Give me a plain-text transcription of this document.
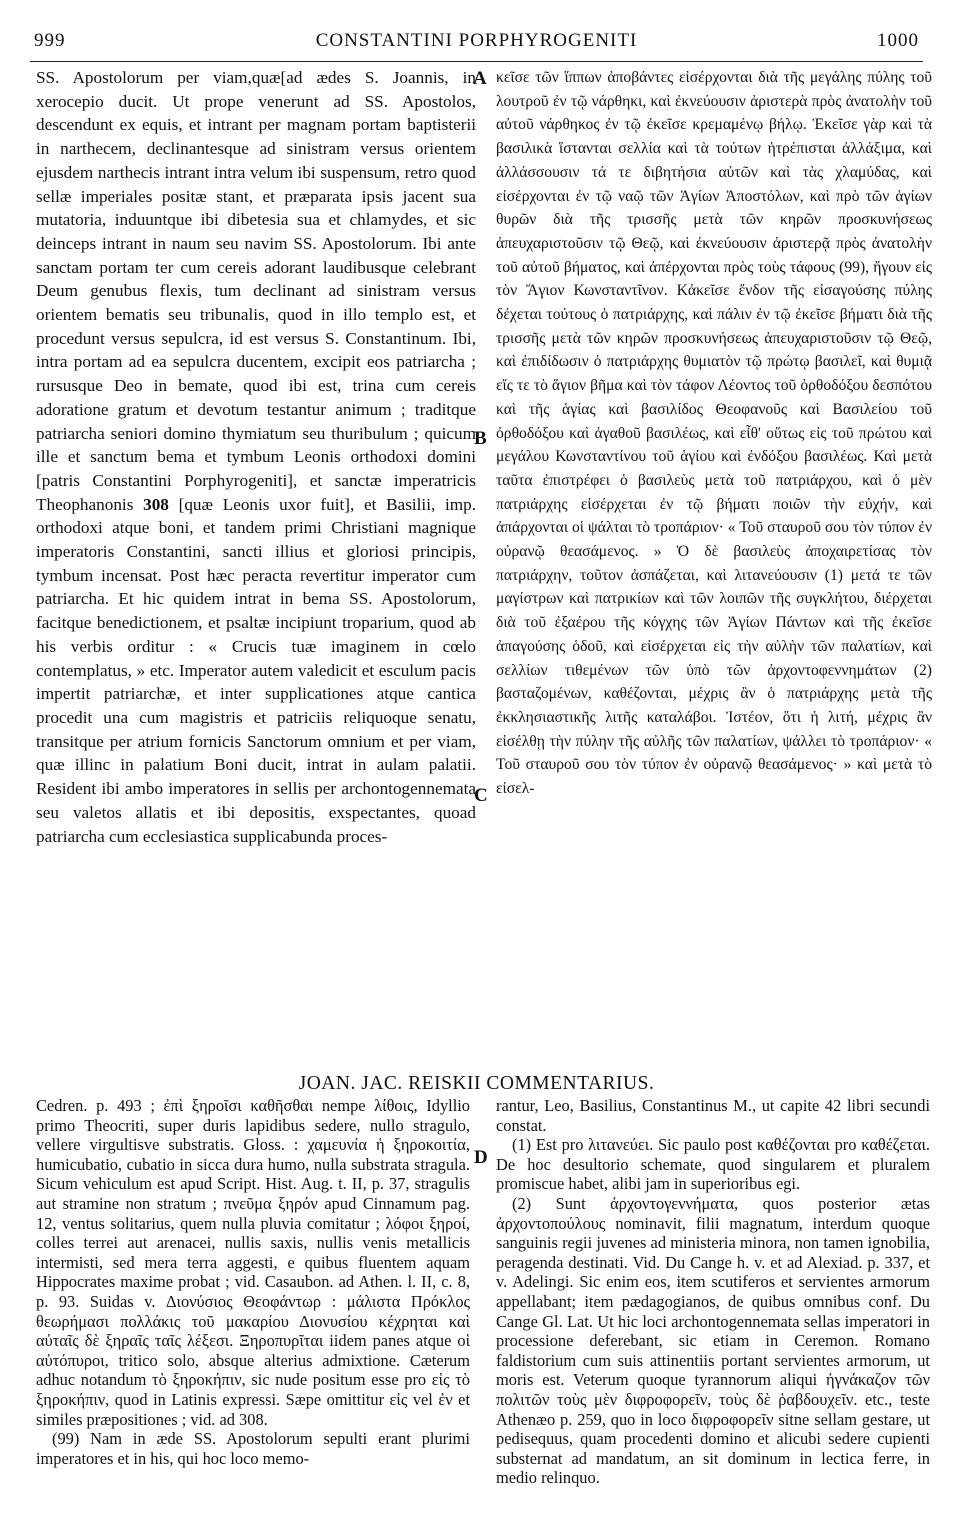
999	CONSTANTINI PORPHYROGENITI	1000

SS. Apostolorum per viam,quæ[ad ædes S. Joannis, in xerocepio ducit. Ut prope venerunt ad SS. Apostolos, descendunt ex equis, et intrant per magnam portam baptisterii in narthecem, declinantesque ad sinistram versus orientem ejusdem narthecis intrant intra velum ibi suspensum, retro quod sellæ imperiales positæ stant, et præparata ipsis jacent sua mutatoria, induuntque ibi dibetesia sua et chlamydes, et sic deinceps intrant in naum seu navim SS. Apostolorum. Ibi ante sanctam portam ter cum cereis adorant laudibusque celebrant Deum genubus flexis, tum declinant ad sinistram versus orientem bematis seu tribunalis, quod in illo templo est, et procedunt versus sepulcra, id est versus S. Constantinum. Ibi, intra portam ad ea sepulcra ducentem, excipit eos patriarcha ; rursusque Deo in bemate, quod ibi est, trina cum cereis adoratione gratum et devotum testantur animum ; traditque patriarcha seniori domino thymiatum seu thuribulum ; quicum ille et sanctum bema et tymbum Leonis orthodoxi domini [patris Constantini Porphyrogeniti], et sanctæ imperatricis Theophanonis 308 [quæ Leonis uxor fuit], et Basilii, imp. orthodoxi atque boni, et tandem primi Christiani magnique imperatoris Constantini, sancti illius et gloriosi principis, tymbum incensat. Post hæc peracta revertitur imperator cum patriarcha. Et hic quidem intrat in bema SS. Apostolorum, facitque benedictionem, et psaltæ incipiunt troparium, quod ab his verbis orditur : « Crucis tuæ imaginem in cœlo contemplatus, » etc. Imperator autem valedicit et esculum pacis impertit patriarchæ, et inter supplicationes atque cantica procedit una cum magistris et patriciis reliquoque senatu, transitque per atrium fornicis Sanctorum omnium et per viam, quæ illinc in palatium Boni ducit, intrat in aulam palatii. Resident ibi ambo imperatores in sellis per archontogennemata seu valetos allatis et ibi depositis, exspectantes, quoad patriarcha cum ecclesiastica supplicabunda proces-

A
B
C
D

κεῖσε τῶν ἵππων ἀποβάντες εἰσέρχονται διὰ τῆς μεγάλης πύλης τοῦ λουτροῦ ἐν τῷ νάρθηκι, καὶ ἐκνεύουσιν ἀριστερὰ πρὸς ἀνατολὴν τοῦ αὐτοῦ νάρθηκος ἐν τῷ ἐκεῖσε κρεμαμένῳ βήλῳ. Ἐκεῖσε γὰρ καὶ τὰ βασιλικὰ ἵστανται σελλία καὶ τὰ τούτων ἡτρέπισται ἀλλάξιμα, καὶ ἀλλάσσουσιν τά τε διβητήσια αὐτῶν καὶ τὰς χλαμύδας, καὶ εἰσέρχονται ἐν τῷ ναῷ τῶν Ἁγίων Ἀποστόλων, καὶ πρὸ τῶν ἁγίων θυρῶν διὰ τῆς τρισσῆς μετὰ τῶν κηρῶν προσκυνήσεως ἀπευχαριστοῦσιν τῷ Θεῷ, καὶ ἐκνεύουσιν ἀριστερᾷ πρὸς ἀνατολὴν τοῦ αὐτοῦ βήματος, καὶ ἀπέρχονται πρὸς τοὺς τάφους (99), ἤγουν εἰς τὸν Ἅγιον Κωνσταντῖνον. Κἀκεῖσε ἔνδον τῆς εἰσαγούσης πύλης δέχεται τούτους ὁ πατριάρχης, καὶ πάλιν ἐν τῷ ἐκεῖσε βήματι διὰ τῆς τρισσῆς μετὰ τῶν κηρῶν προσκυνήσεως ἀπευχαριστοῦσιν τῷ Θεῷ, καὶ ἐπιδίδωσιν ὁ πατριάρχης θυμιατὸν τῷ πρώτῳ βασιλεῖ, καὶ θυμιᾷ εἴς τε τὸ ἅγιον βῆμα καὶ τὸν τάφον Λέοντος τοῦ ὀρθοδόξου δεσπότου καὶ τῆς ἁγίας καὶ βασιλίδος Θεοφανοῦς καὶ Βασιλείου τοῦ ὀρθοδόξου καὶ ἀγαθοῦ βασιλέως, καὶ εἶθ' οὕτως εἰς τοῦ πρώτου καὶ μεγάλου Κωνσταντίνου τοῦ ἁγίου καὶ ἐνδόξου βασιλέως. Καὶ μετὰ ταῦτα ἐπιστρέφει ὁ βασιλεὺς μετὰ τοῦ πατριάρχου, καὶ ὁ μὲν πατριάρχης εἰσέρχεται ἐν τῷ βήματι ποιῶν τὴν εὐχήν, καὶ ἀπάρχονται οἱ ψάλται τὸ τροπάριον· « Τοῦ σταυροῦ σου τὸν τύπον ἐν οὐρανῷ θεασάμενος. » Ὁ δὲ βασιλεὺς ἀποχαιρετίσας τὸν πατριάρχην, τοῦτον ἀσπάζεται, καὶ λιτανεύουσιν (1) μετά τε τῶν μαγίστρων καὶ πατρικίων καὶ τῶν λοιπῶν τῆς συγκλήτου, διέρχεται διὰ τοῦ ἐξαέρου τῆς κόγχης τῶν Ἁγίων Πάντων καὶ τῆς ἐκεῖσε ἀπαγούσης ὁδοῦ, καὶ εἰσέρχεται εἰς τὴν αὐλὴν τῶν παλατίων, καὶ σελλίων τιθεμένων τῶν ὑπὸ τῶν ἀρχοντοφεννημάτων (2) βασταζομένων, καθέζονται, μέχρις ἂν ὁ πατριάρχης μετὰ τῆς ἐκκλησιαστικῆς λιτῆς καταλάβοι. Ἰστέον, ὅτι ἡ λιτή, μέχρις ἂν εἰσέλθῃ τὴν πύλην τῆς αὐλῆς τῶν παλατίων, ψάλλει τὸ τροπάριον· « Τοῦ σταυροῦ σου τὸν τύπον ἐν οὐρανῷ θεασάμενος· » καὶ μετὰ τὸ εἰσελ-

JOAN. JAC. REISKII COMMENTARIUS.

Cedren. p. 493 ; ἐπὶ ξηροῖσι καθῆσθαι nempe λίθοις, Idyllio primo Theocriti, super duris lapidibus sedere, nullo stragulo, vellere virgultisve substratis. Gloss. : χαμευνία ἡ ξηροκοιτία, humicubatio, cubatio in sicca dura humo, nulla substrata stragula. Sicum vehiculum est apud Script. Hist. Aug. t. II, p. 37, stragulis aut stramine non stratum ; πνεῦμα ξηρόν apud Cinnamum pag. 12, ventus solitarius, quem nulla pluvia comitatur ; λόφοι ξηροί, colles terrei aut arenacei, nullis saxis, nullis venis metallicis intermisti, sed mera terra aggesti, e quibus fluentem aquam Hippocrates maxime probat ; vid. Casaubon. ad Athen. l. II, c. 8, p. 93. Suidas v. Διονύσιος Θεοφάντωρ : μάλιστα Πρόκλος θεωρήμασι πολλάκις τοῦ μακαρίου Διονυσίου κέχρηται καὶ αὐταῖς δὲ ξηραῖς ταῖς λέξεσι. Ξηροπυρῖται iidem panes atque οἱ αὐτόπυροι, tritico solo, absque alterius admixtione. Cæterum adhuc notandum τὸ ξηροκήπιν, sic nude positum esse pro εἰς τὸ ξηροκήπιν, quod in Latinis expressi. Sæpe omittitur εἰς vel ἐν et similes præpositiones ; vid. ad 308.

(99) Nam in æde SS. Apostolorum sepulti erant plurimi imperatores et in his, qui hoc loco memo-

rantur, Leo, Basilius, Constantinus M., ut capite 42 libri secundi constat.

(1) Est pro λιτανεύει. Sic paulo post καθέζονται pro καθέζεται. De hoc desultorio schemate, quod singularem et pluralem promiscue habet, alibi jam in superioribus egi.

(2) Sunt ἀρχοντογεννήματα, quos posterior ætas ἀρχοντοπούλους nominavit, filii magnatum, interdum quoque sanguinis regii juvenes ad ministeria minora, non tamen ignobilia, peragenda destinati. Vid. Du Cange h. v. et ad Alexiad. p. 337, et v. Adelingi. Sic enim eos, item scutiferos et servientes armorum appellabant; item pædagogianos, de quibus omnibus conf. Du Cange Gl. Lat. Ut hic loci archontogennemata sellas imperatori in processione deferebant, sic etiam in Ceremon. Romano faldistorium cum suis attinentiis portant servientes armorum, ut moris est. Veterum quoque tyrannorum aliqui ἠγνάκαζον τῶν πολιτῶν τοὺς μὲν διφροφορεῖν, τοὺς δὲ ῥαβδουχεῖν. etc., teste Athenæo p. 259, quo in loco διφροφορεῖν sitne sellam gestare, ut pedisequus, quam procedenti domino et alicubi sedere cupienti substernat ad mandatum, an sit dominum in lectica ferre, in medio relinquo.
